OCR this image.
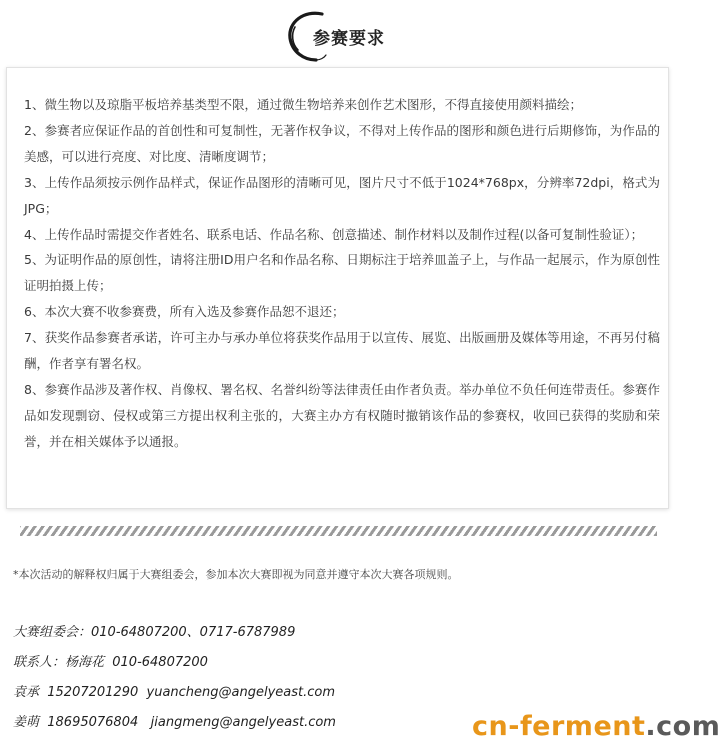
参赛要求
1、微生物以及琼脂平板培养基类型不限，通过微生物培养来创作艺术图形，不得直接使用颜料描绘；
2、参赛者应保证作品的首创性和可复制性，无著作权争议，不得对上传作品的图形和颜色进行后期修饰，为作品的美感，可以进行亮度、对比度、清晰度调节；
3、上传作品须按示例作品样式，保证作品图形的清晰可见，图片尺寸不低于1024*768px，分辨率72dpi，格式为JPG；
4、上传作品时需提交作者姓名、联系电话、作品名称、创意描述、制作材料以及制作过程(以备可复制性验证）；
5、为证明作品的原创性，请将注册ID用户名和作品名称、日期标注于培养皿盖子上，与作品一起展示，作为原创性证明拍摄上传；
6、本次大赛不收参赛费，所有入选及参赛作品恕不退还；
7、获奖作品参赛者承诺，许可主办与承办单位将获奖作品用于以宣传、展览、出版画册及媒体等用途，不再另付稿酬，作者享有署名权。
8、参赛作品涉及著作权、肖像权、署名权、名誉纠纷等法律责任由作者负责。举办单位不负任何连带责任。参赛作品如发现剽窃、侵权或第三方提出权利主张的，大赛主办方有权随时撤销该作品的参赛权，收回已获得的奖励和荣誉，并在相关媒体予以通报。
*本次活动的解释权归属于大赛组委会，参加本次大赛即视为同意并遵守本次大赛各项规则。
大赛组委会：010-64807200、0717-6787989
联系人：杨海花  010-64807200
袁承  15207201290  yuancheng@angelyeast.com
姜萌  18695076804   jiangmeng@angelyeast.com	cn-ferment.com
